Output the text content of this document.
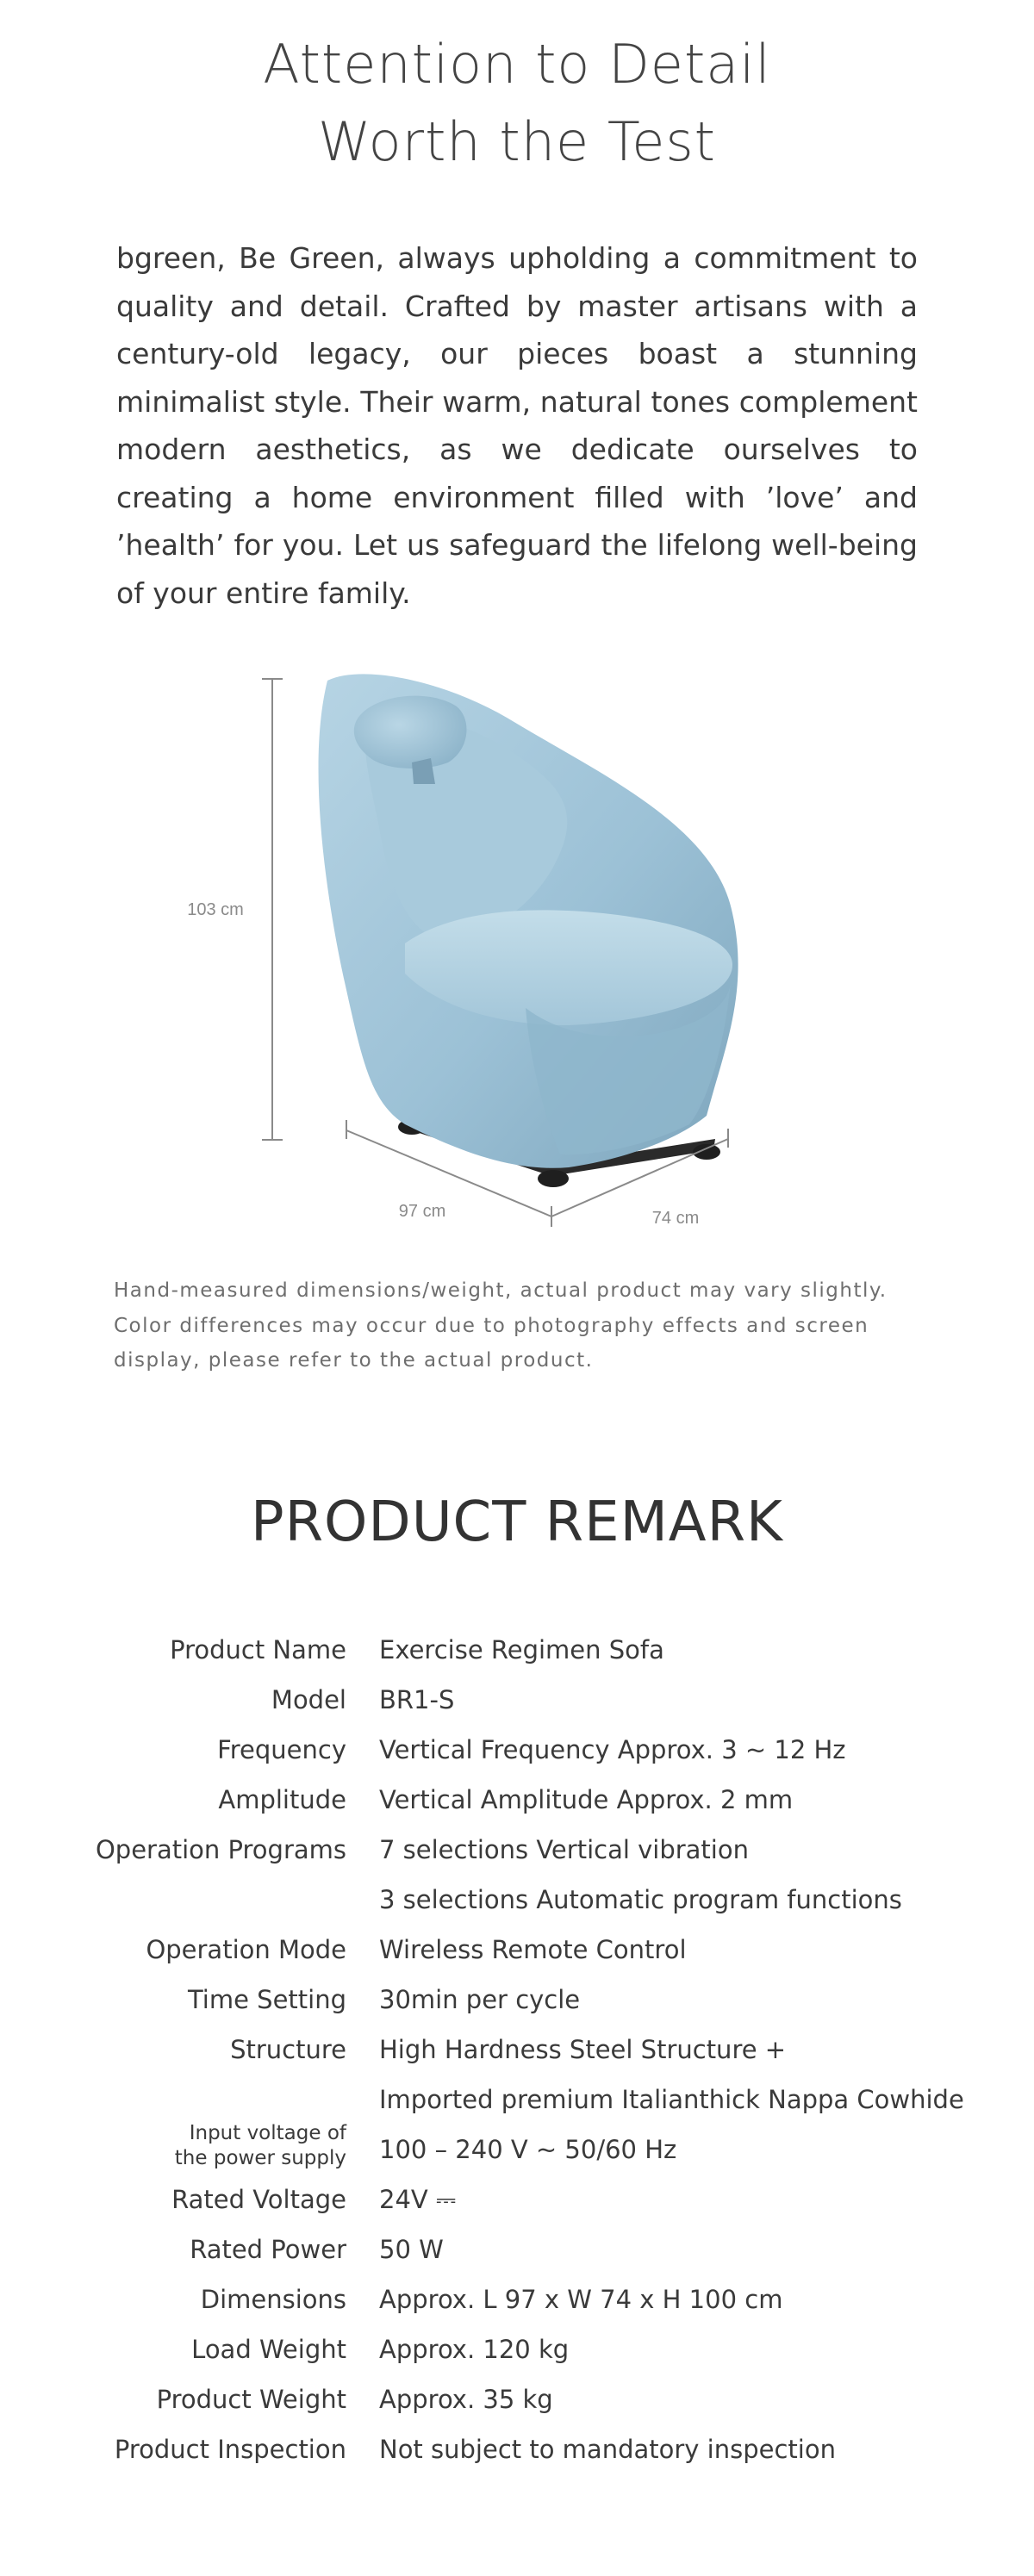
Attention to Detail
Worth the Test

bgreen, Be Green, always upholding a commitment to quality and detail. Crafted by master artisans with a century-old legacy, our pieces boast a stunning minimalist style. Their warm, natural tones complement modern aesthetics, as we dedicate ourselves to creating a home environment filled with ’love’ and ’health’ for you. Let us safeguard the lifelong well-being of your entire family.

103 cm
97 cm	74 cm

Hand-measured dimensions/weight, actual product may vary slightly. Color differences may occur due to photography effects and screen display, please refer to the actual product.

PRODUCT REMARK
Product Name Exercise Regimen Sofa
Model BR1-S
Frequency Vertical Frequency Approx. 3 ~ 12 Hz
Amplitude Vertical Amplitude Approx. 2 mm
Operation Programs 7 selections Vertical vibration
3 selections Automatic program functions
Operation Mode Wireless Remote Control
Time Setting 30min per cycle
Structure High Hardness Steel Structure +
Imported premium Italianthick Nappa Cowhide
Input voltage of
the power supply 100 – 240 V ~ 50/60 Hz
Rated Voltage 24V ⎓
Rated Power 50 W
Dimensions Approx. L 97 x W 74 x H 100 cm
Load Weight Approx. 120 kg
Product Weight Approx. 35 kg
Product Inspection Not subject to mandatory inspection
